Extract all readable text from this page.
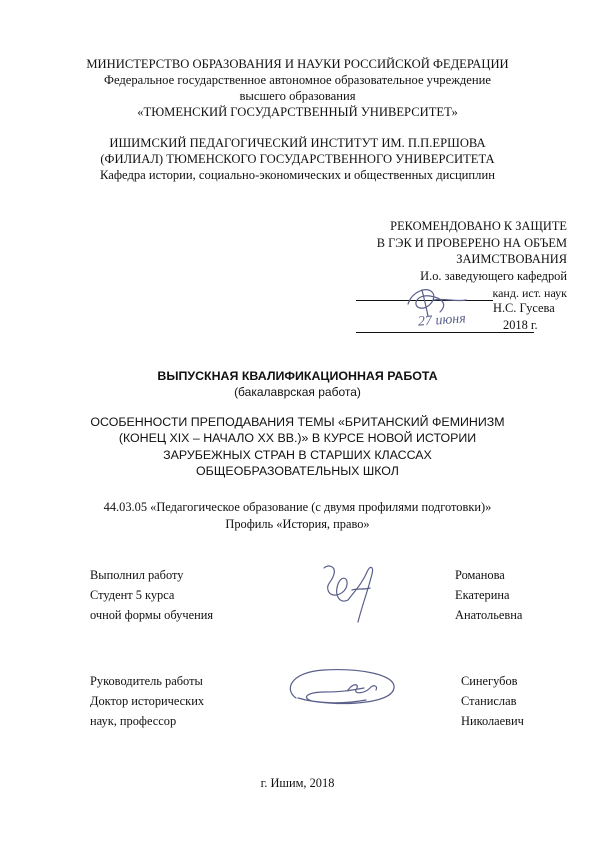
МИНИСТЕРСТВО ОБРАЗОВАНИЯ И НАУКИ РОССИЙСКОЙ ФЕДЕРАЦИИ
Федеральное государственное автономное образовательное учреждение
высшего образования
«ТЮМЕНСКИЙ ГОСУДАРСТВЕННЫЙ УНИВЕРСИТЕТ»
ИШИМСКИЙ ПЕДАГОГИЧЕСКИЙ ИНСТИТУТ ИМ. П.П.ЕРШОВА
(ФИЛИАЛ) ТЮМЕНСКОГО ГОСУДАРСТВЕННОГО УНИВЕРСИТЕТА
Кафедра истории, социально-экономических и общественных дисциплин
РЕКОМЕНДОВАНО К ЗАЩИТЕ
В ГЭК И ПРОВЕРЕНО НА ОБЪЕМ
ЗАИМСТВОВАНИЯ
И.о. заведующего кафедрой
канд. ист. наук
Н.С. Гусева
2018 г.
27 июня
ВЫПУСКНАЯ КВАЛИФИКАЦИОННАЯ РАБОТА
(бакалаврская работа)
ОСОБЕННОСТИ ПРЕПОДАВАНИЯ ТЕМЫ «БРИТАНСКИЙ ФЕМИНИЗМ
(КОНЕЦ XIX – НАЧАЛО XX ВВ.)» В КУРСЕ НОВОЙ ИСТОРИИ
ЗАРУБЕЖНЫХ СТРАН В СТАРШИХ КЛАССАХ
ОБЩЕОБРАЗОВАТЕЛЬНЫХ ШКОЛ
44.03.05 «Педагогическое образование (с двумя профилями подготовки)»
Профиль «История, право»
Выполнил работу
Студент 5 курса
очной формы обучения
Романова
Екатерина
Анатольевна
Руководитель работы
Доктор исторических
наук, профессор
Синегубов
Станислав
Николаевич
г. Ишим, 2018
